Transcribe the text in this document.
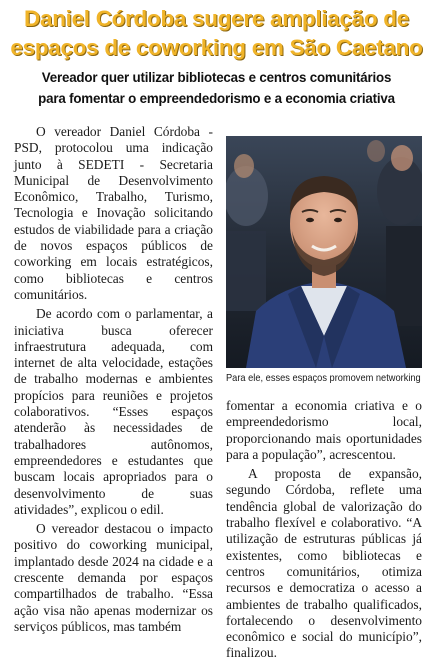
Daniel Córdoba sugere ampliação de
espaços de coworking em São Caetano
Vereador quer utilizar bibliotecas e centros comunitários
para fomentar o empreendedorismo e a economia criativa

O vereador Daniel Córdoba - PSD, protocolou uma indicação junto à SEDETI - Secretaria Municipal de Desenvolvimento Econômico, Trabalho, Turismo, Tecnologia e Inovação solicitando estudos de viabilidade para a criação de novos espaços públicos de coworking em locais estratégicos, como bibliotecas e centros comunitários.

De acordo com o parlamentar, a iniciativa busca oferecer infraestrutura adequada, com internet de alta velocidade, estações de trabalho modernas e ambientes propícios para reuniões e projetos colaborativos. “Esses espaços atenderão às necessidades de trabalhadores autônomos, empreendedores e estudantes que buscam locais apropriados para o desenvolvimento de suas atividades”, explicou o edil.

O vereador destacou o impacto positivo do coworking municipal, implantado desde 2024 na cidade e a crescente demanda por espaços compartilhados de trabalho. “Essa ação visa não apenas modernizar os serviços públicos, mas também

Para ele, esses espaços promovem networking

fomentar a economia criativa e o empreendedorismo local, proporcionando mais oportunidades para a população”, acrescentou.

A proposta de expansão, segundo Córdoba, reflete uma tendência global de valorização do trabalho flexível e colaborativo. “A utilização de estruturas públicas já existentes, como bibliotecas e centros comunitários, otimiza recursos e democratiza o acesso a ambientes de trabalho qualificados, fortalecendo o desenvolvimento econômico e social do município”, finalizou.
